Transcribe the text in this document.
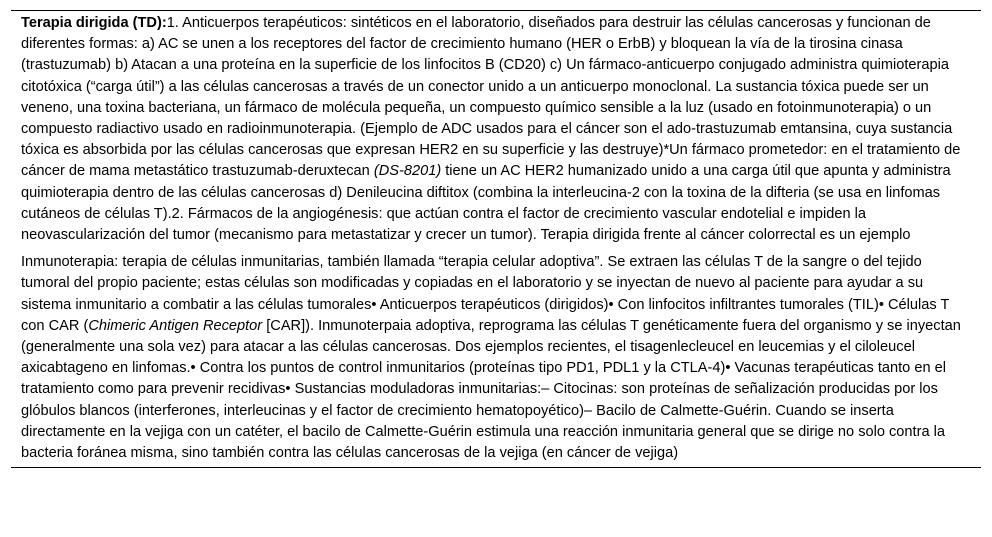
Terapia dirigida (TD):1. Anticuerpos terapéuticos: sintéticos en el laboratorio, diseñados para destruir las células cancerosas y funcionan de diferentes formas: a) AC se unen a los receptores del factor de crecimiento humano (HER o ErbB) y bloquean la vía de la tirosina cinasa (trastuzumab) b) Atacan a una proteína en la superficie de los linfocitos B (CD20) c) Un fármaco-anticuerpo conjugado administra quimioterapia citotóxica (“carga útil”) a las células cancerosas a través de un conector unido a un anticuerpo monoclonal. La sustancia tóxica puede ser un veneno, una toxina bacteriana, un fármaco de molécula pequeña, un compuesto químico sensible a la luz (usado en fotoinmunoterapia) o un compuesto radiactivo usado en radioinmunoterapia. (Ejemplo de ADC usados para el cáncer son el ado-trastuzumab emtansina, cuya sustancia tóxica es absorbida por las células cancerosas que expresan HER2 en su superficie y las destruye)*Un fármaco prometedor: en el tratamiento de cáncer de mama metastático trastuzumab-deruxtecan (DS-8201) tiene un AC HER2 humanizado unido a una carga útil que apunta y administra quimioterapia dentro de las células cancerosas d) Denileucina diftitox (combina la interleucina-2 con la toxina de la difteria (se usa en linfomas cutáneos de células T).2. Fármacos de la angiogénesis: que actúan contra el factor de crecimiento vascular endotelial e impiden la neovascularización del tumor (mecanismo para metastatizar y crecer un tumor). Terapia dirigida frente al cáncer colorrectal es un ejemplo
Inmunoterapia: terapia de células inmunitarias, también llamada “terapia celular adoptiva”. Se extraen las células T de la sangre o del tejido tumoral del propio paciente; estas células son modificadas y copiadas en el laboratorio y se inyectan de nuevo al paciente para ayudar a su sistema inmunitario a combatir a las células tumorales• Anticuerpos terapéuticos (dirigidos)• Con linfocitos infiltrantes tumorales (TIL)• Células T con CAR (Chimeric Antigen Receptor [CAR]). Inmunoterpaia adoptiva, reprograma las células T genéticamente fuera del organismo y se inyectan (generalmente una sola vez) para atacar a las células cancerosas. Dos ejemplos recientes, el tisagenlecleucel en leucemias y el ciloleucel axicabtageno en linfomas.• Contra los puntos de control inmunitarios (proteínas tipo PD1, PDL1 y la CTLA-4)• Vacunas terapéuticas tanto en el tratamiento como para prevenir recidivas• Sustancias moduladoras inmunitarias:– Citocinas: son proteínas de señalización producidas por los glóbulos blancos (interferones, interleucinas y el factor de crecimiento hematopoyético)– Bacilo de Calmette-Guérin. Cuando se inserta directamente en la vejiga con un catéter, el bacilo de Calmette-Guérin estimula una reacción inmunitaria general que se dirige no solo contra la bacteria foránea misma, sino también contra las células cancerosas de la vejiga (en cáncer de vejiga)
